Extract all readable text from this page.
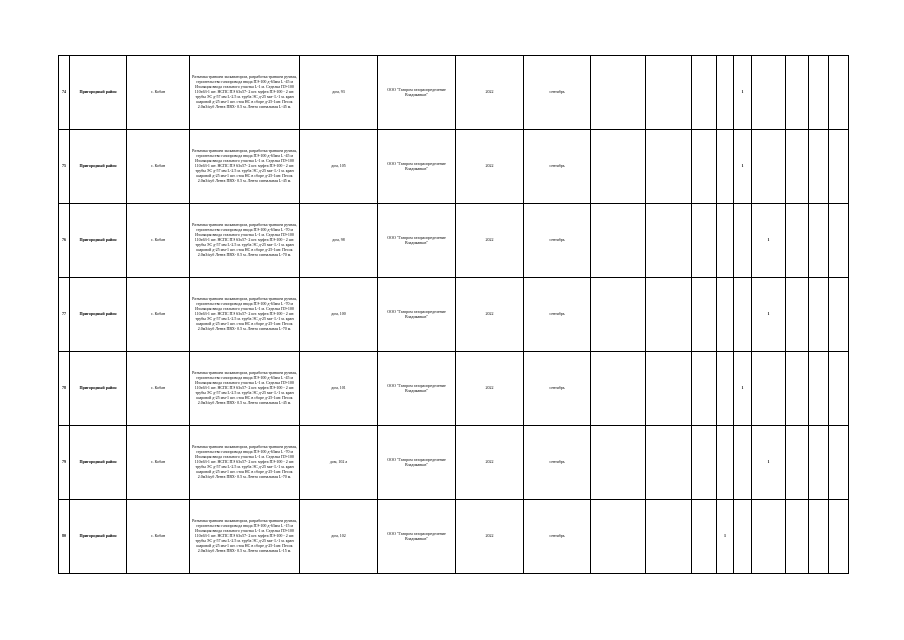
74	Пригородный район	с. Кобан	Разъемка траншеи экскаватором, разработка траншеи ручная, строительство газопровода ввода ПЭ-100 д-63мм L -45 м Изоляция ввода стального участка L-1 м. Седелка ПЭ-100 110х63-1 шт. НСПС ПЭ 63х57- 2 шт. муфта ПЭ-100 - 2 шт. трубы ЭС д-57 мм L-2.5 м. труба ЭС д-25 мм- L-1 м. кран шаровой д-25 мм-1 шт. стоя НС в сборе д-25-1шт. Песок 2.0м3/куб Лента ПВХ- 0.5 м. Лента сигнальная L-45 м.	дом, 93	ООО "Газпром газораспределение Владикавказ"	2022	сентябрь					1				
75	Пригородный район	с. Кобан	Разъемка траншеи экскаватором, разработка траншеи ручная, строительство газопровода ввода ПЭ-100 д-63мм L -45 м Изоляция ввода стального участка L-1 м. Седелка ПЭ-100 110х63-1 шт. НСПС ПЭ 63х57- 2 шт. муфта ПЭ-100 - 2 шт. трубы ЭС д-57 мм L-2.5 м. труба ЭС д-25 мм- L-1 м. кран шаровой д-25 мм-1 шт. стоя НС в сборе д-25-1шт. Песок 2.0м3/куб Лента ПВХ- 0.5 м. Лента сигнальная L-45 м.	дом, 105	ООО "Газпром газораспределение Владикавказ"	2022	сентябрь					1				
76	Пригородный район	с. Кобан	Разъемка траншеи экскаватором, разработка траншеи ручная, строительство газопровода ввода ПЭ-100 д-63мм L -70 м Изоляция ввода стального участка L-1 м. Седелка ПЭ-100 110х63-1 шт. НСПС ПЭ 63х57- 2 шт. муфта ПЭ-100 - 2 шт. трубы ЭС д-57 мм L-2.5 м. труба ЭС д-25 мм- L-1 м. кран шаровой д-25 мм-1 шт. стоя НС в сборе д-25-1шт. Песок 2.0м3/куб Лента ПВХ- 0.5 м. Лента сигнальная L-70 м.	дом, 98	ООО "Газпром газораспределение Владикавказ"	2022	сентябрь						1			
77	Пригородный район	с. Кобан	Разъемка траншеи экскаватором, разработка траншеи ручная, строительство газопровода ввода ПЭ-100 д-63мм L -70 м Изоляция ввода стального участка L-1 м. Седелка ПЭ-100 110х63-1 шт. НСПС ПЭ 63х57- 2 шт. муфта ПЭ-100 - 2 шт. трубы ЭС д-57 мм L-2.5 м. труба ЭС д-25 мм- L-1 м. кран шаровой д-25 мм-1 шт. стоя НС в сборе д-25-1шт. Песок 2.0м3/куб Лента ПВХ- 0.5 м. Лента сигнальная L-70 м.	дом, 100	ООО "Газпром газораспределение Владикавказ"	2022	сентябрь						1			
78	Пригородный район	с. Кобан	Разъемка траншеи экскаватором, разработка траншеи ручная, строительство газопровода ввода ПЭ-100 д-63мм L -45 м Изоляция ввода стального участка L-1 м. Седелка ПЭ-100 110х63-1 шт. НСПС ПЭ 63х57- 2 шт. муфта ПЭ-100 - 2 шт. трубы ЭС д-57 мм L-2.5 м. труба ЭС д-25 мм- L-1 м. кран шаровой д-25 мм-1 шт. стоя НС в сборе д-25-1шт. Песок 2.0м3/куб Лента ПВХ- 0.5 м. Лента сигнальная L-45 м.	дом, 101	ООО "Газпром газораспределение Владикавказ"	2022	сентябрь					1				
79	Пригородный район	с. Кобан	Разъемка траншеи экскаватором, разработка траншеи ручная, строительство газопровода ввода ПЭ-100 д-63мм L -70 м Изоляция ввода стального участка L-1 м. Седелка ПЭ-100 110х63-1 шт. НСПС ПЭ 63х57- 2 шт. муфта ПЭ-100 - 2 шт. трубы ЭС д-57 мм L-2.5 м. труба ЭС д-25 мм- L-1 м. кран шаровой д-25 мм-1 шт. стоя НС в сборе д-25-1шт. Песок 2.0м3/куб Лента ПВХ- 0.5 м. Лента сигнальная L-70 м.	дом, 102 а	ООО "Газпром газораспределение Владикавказ"	2022	сентябрь						1			
80	Пригородный район	с. Кобан	Разъемка траншеи экскаватором, разработка траншеи ручная, строительство газопровода ввода ПЭ-100 д-63мм L -15 м Изоляция ввода стального участка L-1 м. Седелка ПЭ-100 110х63-1 шт. НСПС ПЭ 63х57- 2 шт. муфта ПЭ-100 - 2 шт. трубы ЭС д-57 мм L-2.5 м. труба ЭС д-25 мм- L-1 м. кран шаровой д-25 мм-1 шт. стоя НС в сборе д-25-1шт. Песок 2.0м3/куб Лента ПВХ- 0.5 м. Лента сигнальная L-15 м.	дом, 102	ООО "Газпром газораспределение Владикавказ"	2022	сентябрь				1					
